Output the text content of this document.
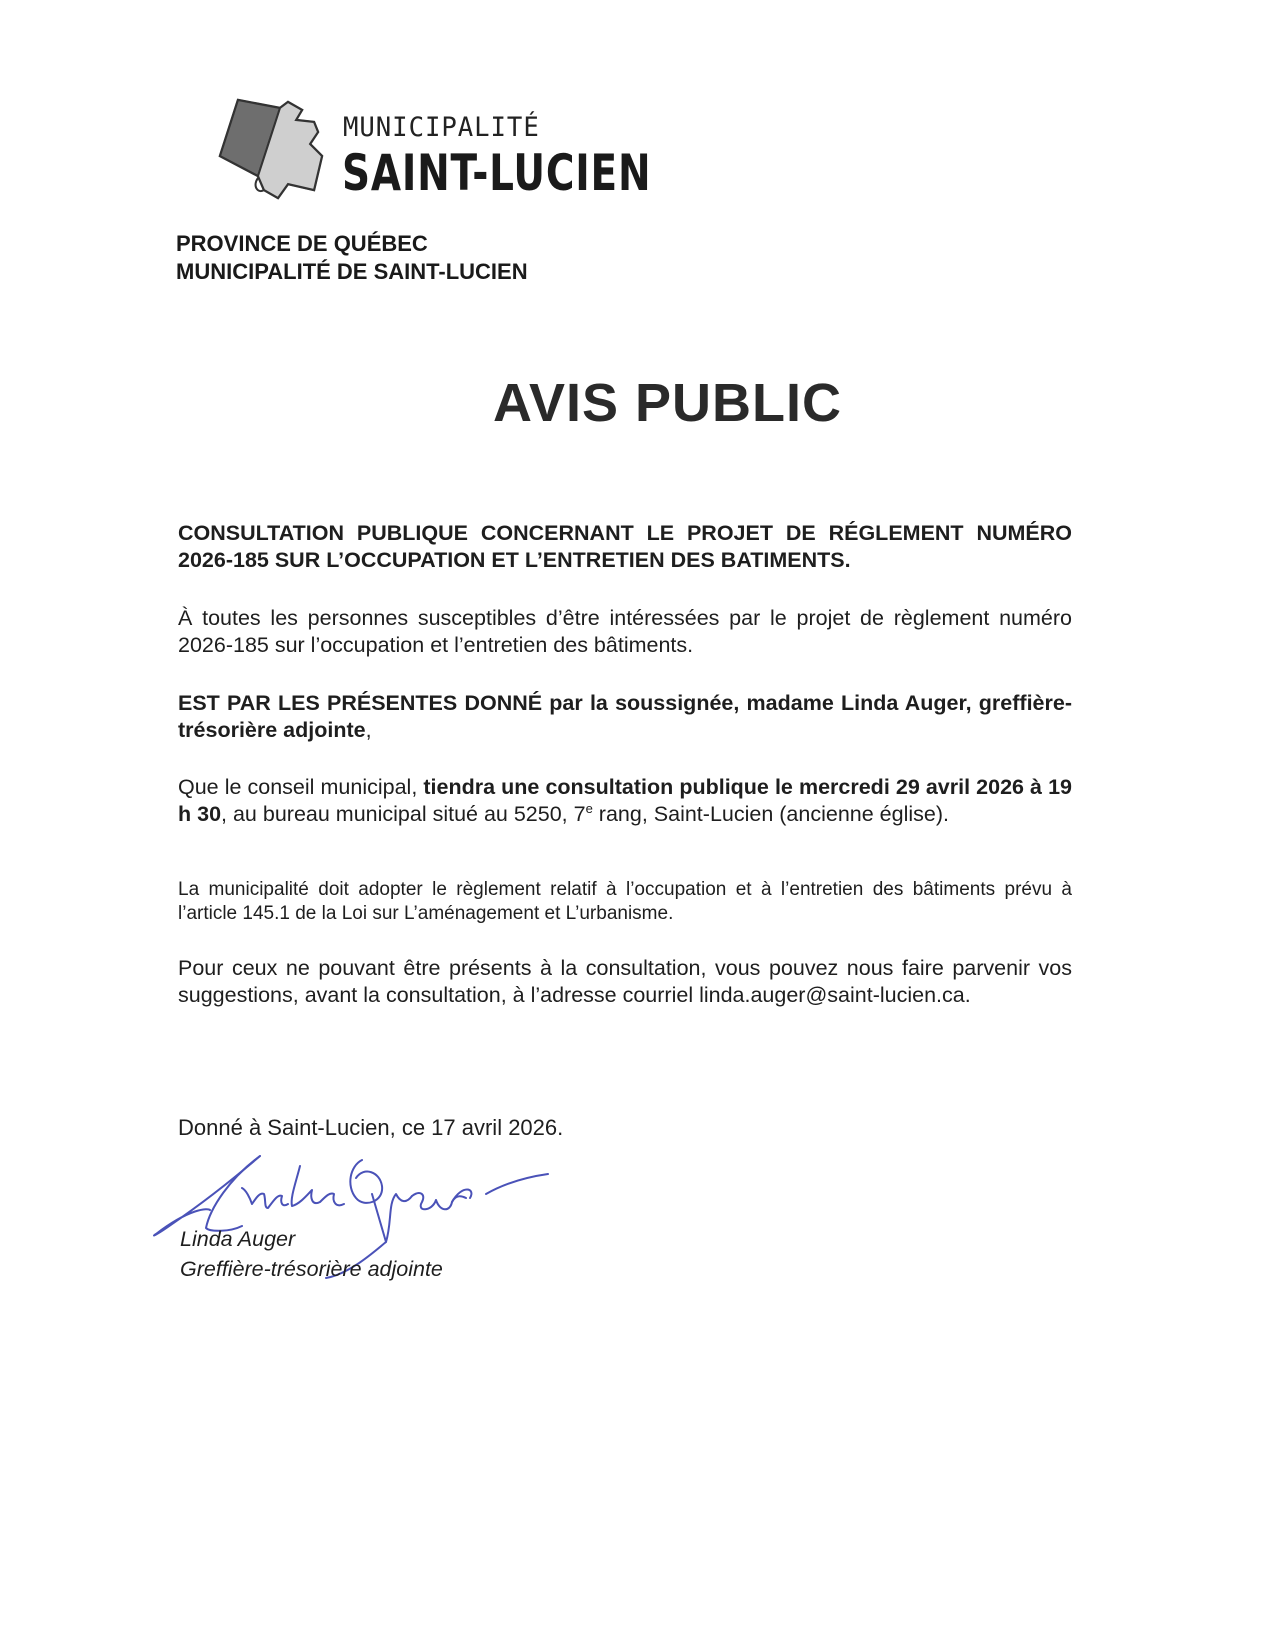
MUNICIPALITÉ
SAINT-LUCIEN
PROVINCE DE QUÉBEC
MUNICIPALITÉ DE SAINT-LUCIEN
AVIS PUBLIC
CONSULTATION PUBLIQUE CONCERNANT LE PROJET DE RÉGLEMENT NUMÉRO 2026-185 SUR L’OCCUPATION ET L’ENTRETIEN DES BATIMENTS.
À toutes les personnes susceptibles d’être intéressées par le projet de règlement numéro 2026-185 sur l’occupation et l’entretien des bâtiments.
EST PAR LES PRÉSENTES DONNÉ par la soussignée, madame Linda Auger, greffière-trésorière adjointe,
Que le conseil municipal, tiendra une consultation publique le mercredi 29 avril 2026 à 19 h 30, au bureau municipal situé au 5250, 7e rang, Saint-Lucien (ancienne église).
La municipalité doit adopter le règlement relatif à l’occupation et à l’entretien des bâtiments prévu à l’article 145.1 de la Loi sur L’aménagement et L’urbanisme.
Pour ceux ne pouvant être présents à la consultation, vous pouvez nous faire parvenir vos suggestions, avant la consultation, à l’adresse courriel linda.auger@saint-lucien.ca.
Donné à Saint-Lucien, ce 17 avril 2026.
Linda Auger
Greffière-trésorière adjointe
